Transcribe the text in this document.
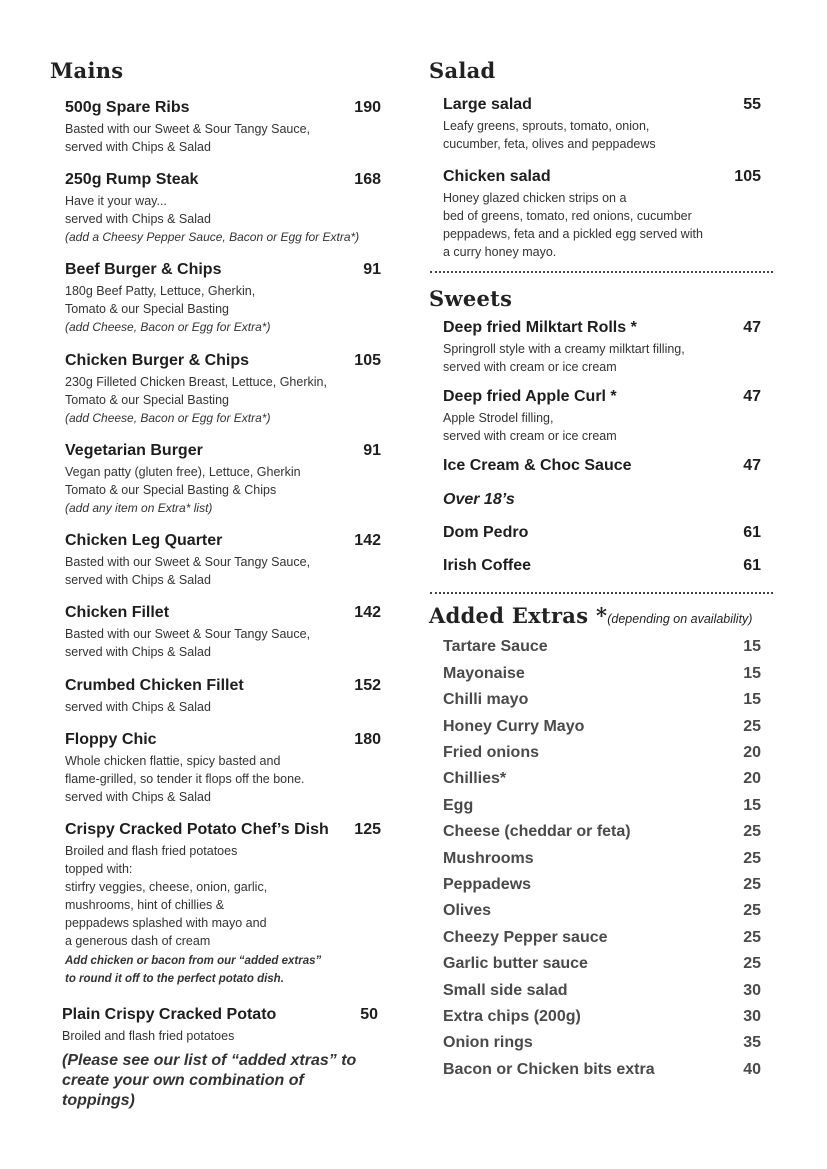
Mains
500g Spare Ribs	190
Basted with our Sweet & Sour Tangy Sauce,
served with Chips & Salad
250g Rump Steak	168
Have it your way...
served with Chips & Salad
(add a Cheesy Pepper Sauce, Bacon or Egg for Extra*)
Beef Burger & Chips	91
180g Beef Patty, Lettuce, Gherkin,
Tomato & our Special Basting
(add Cheese, Bacon or Egg for Extra*)
Chicken Burger & Chips	105
230g Filleted Chicken Breast, Lettuce, Gherkin,
Tomato & our Special Basting
(add Cheese, Bacon or Egg for Extra*)
Vegetarian Burger	91
Vegan patty (gluten free), Lettuce, Gherkin
Tomato & our Special Basting & Chips
(add any item on Extra* list)
Chicken Leg Quarter	142
Basted with our Sweet & Sour Tangy Sauce,
served with Chips & Salad
Chicken Fillet	142
Basted with our Sweet & Sour Tangy Sauce,
served with Chips & Salad
Crumbed Chicken Fillet	152
served with Chips & Salad
Floppy Chic	180
Whole chicken flattie, spicy basted and
flame-grilled, so tender it flops off the bone.
served with Chips & Salad
Crispy Cracked Potato Chef’s Dish	125
Broiled and flash fried potatoes
topped with:
stirfry veggies, cheese, onion, garlic,
mushrooms, hint of chillies &
peppadews splashed with mayo and
a generous dash of cream
Add chicken or bacon from our “added extras”
to round it off to the perfect potato dish.
Plain Crispy Cracked Potato	50
Broiled and flash fried potatoes
(Please see our list of “added xtras” to
create your own combination of
toppings)
Salad
Large salad	55
Leafy greens, sprouts, tomato, onion,
cucumber, feta, olives and peppadews
Chicken salad	105
Honey glazed chicken strips on a
bed of greens, tomato, red onions, cucumber
peppadews, feta and a pickled egg served with
a curry honey mayo.
Sweets
Deep fried Milktart Rolls *	47
Springroll style with a creamy milktart filling,
served with cream or ice cream
Deep fried Apple Curl *	47
Apple Strodel filling,
served with cream or ice cream
Ice Cream & Choc Sauce	47
Over 18’s
Dom Pedro	61
Irish Coffee	61
Added Extras *(depending on availability)
Tartare Sauce	15
Mayonaise	15
Chilli mayo	15
Honey Curry Mayo	25
Fried onions	20
Chillies*	20
Egg	15
Cheese (cheddar or feta)	25
Mushrooms	25
Peppadews	25
Olives	25
Cheezy Pepper sauce	25
Garlic butter sauce	25
Small side salad	30
Extra chips (200g)	30
Onion rings	35
Bacon or Chicken bits extra	40
